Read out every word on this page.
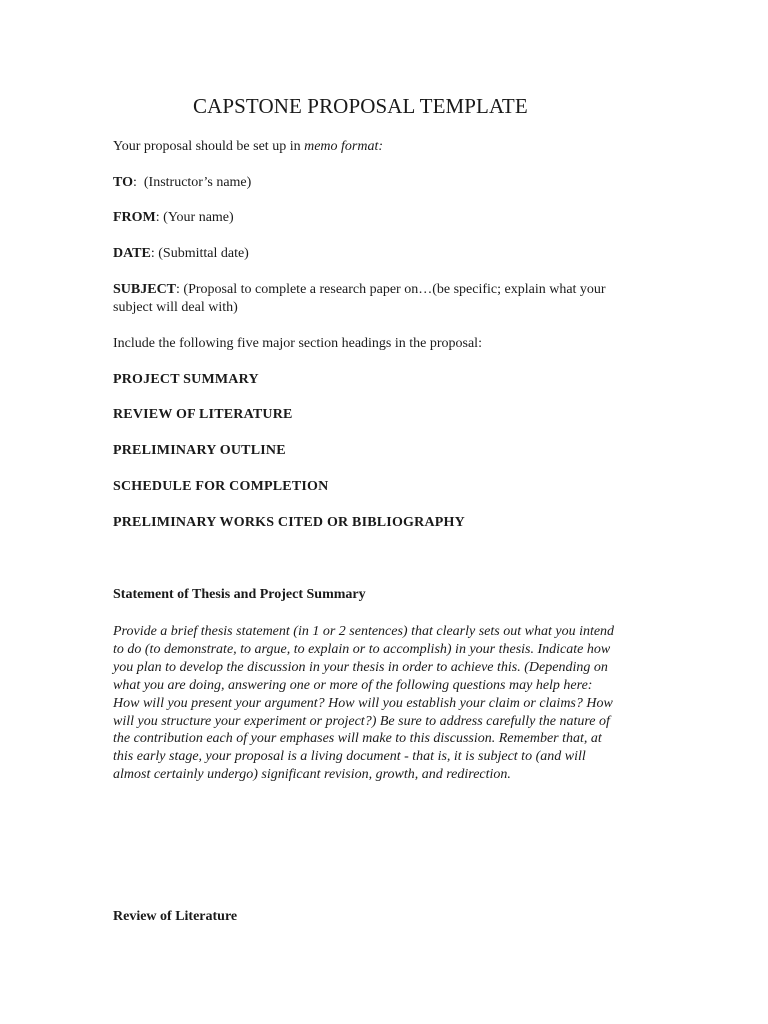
CAPSTONE PROPOSAL TEMPLATE
Your proposal should be set up in memo format:
TO:  (Instructor’s name)
FROM: (Your name)
DATE: (Submittal date)
SUBJECT: (Proposal to complete a research paper on…(be specific; explain what your
subject will deal with)
Include the following five major section headings in the proposal:
PROJECT SUMMARY
REVIEW OF LITERATURE
PRELIMINARY OUTLINE
SCHEDULE FOR COMPLETION
PRELIMINARY WORKS CITED OR BIBLIOGRAPHY
Statement of Thesis and Project Summary
Provide a brief thesis statement (in 1 or 2 sentences) that clearly sets out what you intend
to do (to demonstrate, to argue, to explain or to accomplish) in your thesis. Indicate how
you plan to develop the discussion in your thesis in order to achieve this. (Depending on
what you are doing, answering one or more of the following questions may help here:
How will you present your argument? How will you establish your claim or claims? How
will you structure your experiment or project?) Be sure to address carefully the nature of
the contribution each of your emphases will make to this discussion. Remember that, at
this early stage, your proposal is a living document - that is, it is subject to (and will
almost certainly undergo) significant revision, growth, and redirection.
Review of Literature
